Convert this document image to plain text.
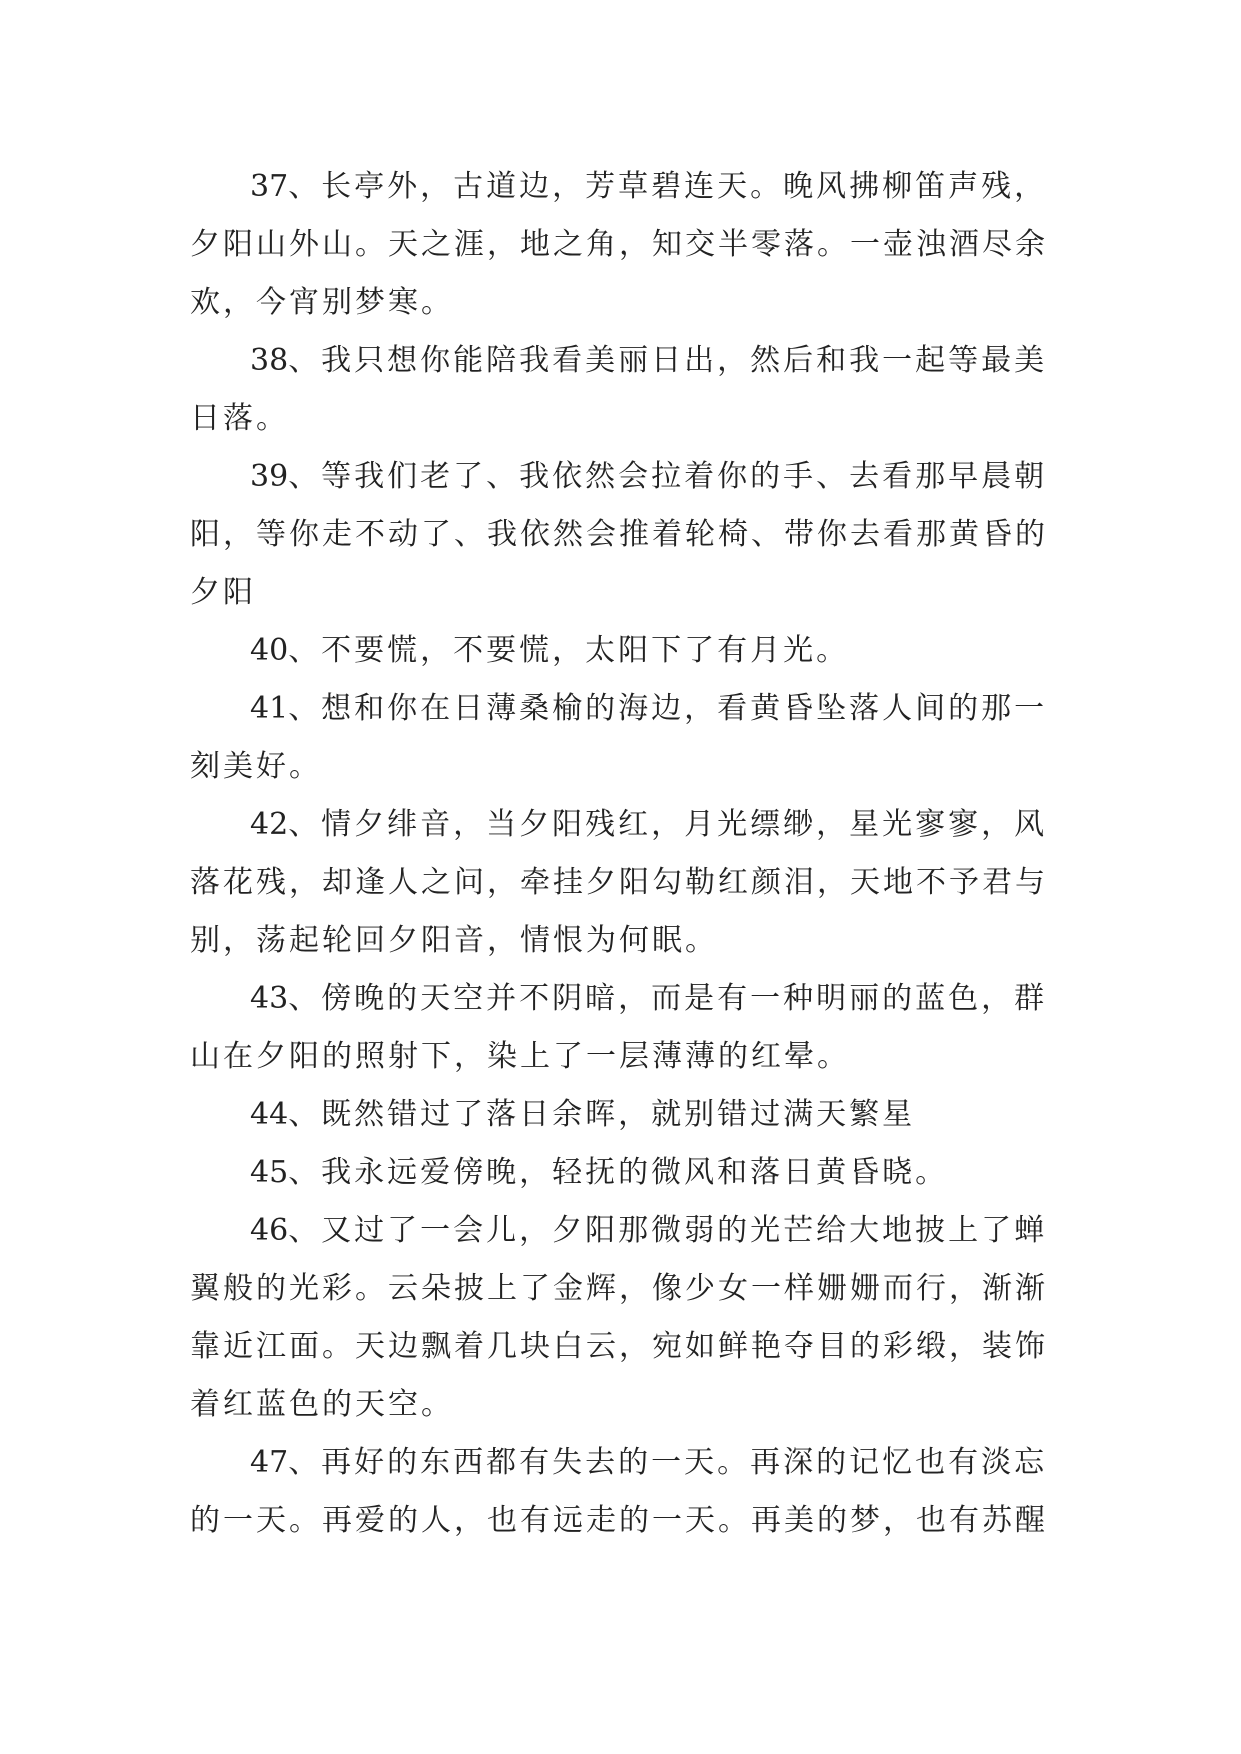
37、长亭外，古道边，芳草碧连天。晚风拂柳笛声残，夕阳山外山。天之涯，地之角，知交半零落。一壶浊酒尽余欢，今宵别梦寒。

38、我只想你能陪我看美丽日出，然后和我一起等最美日落。

39、等我们老了、我依然会拉着你的手、去看那早晨朝阳，等你走不动了、我依然会推着轮椅、带你去看那黄昏的夕阳

40、不要慌，不要慌，太阳下了有月光。

41、想和你在日薄桑榆的海边，看黄昏坠落人间的那一刻美好。

42、情夕绯音，当夕阳残红，月光缥缈，星光寥寥，风落花残，却逢人之问，牵挂夕阳勾勒红颜泪，天地不予君与别，荡起轮回夕阳音，情恨为何眠。

43、傍晚的天空并不阴暗，而是有一种明丽的蓝色，群山在夕阳的照射下，染上了一层薄薄的红晕。

44、既然错过了落日余晖，就别错过满天繁星

45、我永远爱傍晚，轻抚的微风和落日黄昏晓。

46、又过了一会儿，夕阳那微弱的光芒给大地披上了蝉翼般的光彩。云朵披上了金辉，像少女一样姗姗而行，渐渐靠近江面。天边飘着几块白云，宛如鲜艳夺目的彩缎，装饰着红蓝色的天空。

47、再好的东西都有失去的一天。再深的记忆也有淡忘的一天。再爱的人，也有远走的一天。再美的梦，也有苏醒
